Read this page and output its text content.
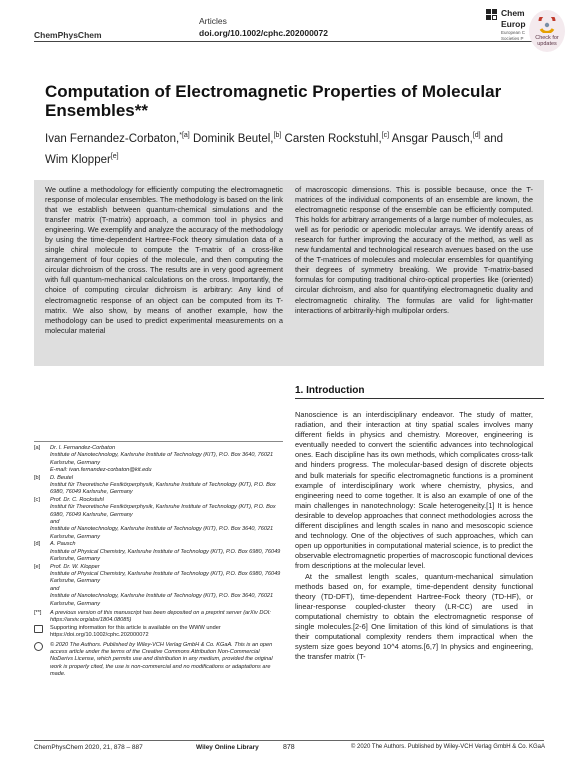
ChemPhysChem
Articles
doi.org/10.1002/cphc.202000072
Chem
Europ
European C
Societies P	Check for updates
Computation of Electromagnetic Properties of Molecular Ensembles**
Ivan Fernandez-Corbaton,$^{*[a]}$ Dominik Beutel,[b] Carsten Rockstuhl,[c] Ansgar Pausch,[d] and Wim Klopper[e]
We outline a methodology for efficiently computing the electromagnetic response of molecular ensembles. The methodology is based on the link that we establish between quantum-chemical simulations and the transfer matrix (T-matrix) approach, a common tool in physics and engineering. We exemplify and analyze the accuracy of the methodology by using the time-dependent Hartree-Fock theory simulation data of a single chiral molecule to compute the T-matrix of a cross-like arrangement of four copies of the molecule, and then computing the circular dichroism of the cross. The results are in very good agreement with full quantum-mechanical calculations on the cross. Importantly, the choice of computing circular dichroism is arbitrary: Any kind of electromagnetic response of an object can be computed from its T-matrix. We also show, by means of another example, how the methodology can be used to predict experimental measurements on a molecular material
of macroscopic dimensions. This is possible because, once the T-matrices of the individual components of an ensemble are known, the electromagnetic response of the ensemble can be efficiently computed. This holds for arbitrary arrangements of a large number of molecules, as well as for periodic or aperiodic molecular arrays. We identify areas of research for further improving the accuracy of the method, as well as new fundamental and technological research avenues based on the use of the T-matrices of molecules and molecular ensembles for quantifying their degrees of symmetry breaking. We provide T-matrix-based formulas for computing traditional chiro-optical properties like (oriented) circular dichroism, and also for quantifying electromagnetic duality and electromagnetic chirality. The formulas are valid for light-matter interactions of arbitrarily-high multipolar orders.
1. Introduction

Nanoscience is an interdisciplinary endeavor. The study of matter, radiation, and their interaction at tiny spatial scales involves many different fields in physics and chemistry. Moreover, engineering is eventually needed to convert the scientific advances into technological ones. Each discipline has its own methods, which complicates cross-talk and hinders progress. The molecular-based design of discrete objects and bulk materials for specific electromagnetic functions is a prominent example of interdisciplinary work where chemistry, physics, and engineering need to come together. It is also an example of one of the main challenges in nanotechnology: Scale heterogeneity.[1] It is hence desirable to develop approaches that connect methodologies across the different disciplines and length scales in nano and mesoscopic science and technology. One of the objectives of such approaches, which can open up opportunities in computational material science, is to predict the observable electromagnetic properties of macroscopic functional devices from descriptions at the molecular level.

At the smallest length scales, quantum-mechanical simulation methods based on, for example, time-dependent density functional theory (TD-DFT), time-dependent Hartree-Fock theory (TD-HF), or linear-response coupled-cluster theory (LR-CC) are used in computational chemistry to obtain the electromagnetic response of single molecules.[2-6] One limitation of this kind of simulations is that their computational complexity renders them impractical when the system size goes beyond 10^4 atoms.[6,7] In physics and engineering, the transfer matrix (T-

[a]	Dr. I. Fernandez-Corbaton
Institute of Nanotechnology, Karlsruhe Institute of Technology (KIT), P.O. Box 3640, 76021 Karlsruhe, Germany
E-mail: ivan.fernandez-corbaton@kit.edu
[b]	D. Beutel
Institut für Theoretische Festkörperphysik, Karlsruhe Institute of Technology (KIT), P.O. Box 6980, 76049 Karlsruhe, Germany
[c]	Prof. Dr. C. Rockstuhl
Institut für Theoretische Festkörperphysik, Karlsruhe Institute of Technology (KIT), P.O. Box 6980, 76049 Karlsruhe, Germany
and
Institute of Nanotechnology, Karlsruhe Institute of Technology (KIT), P.O. Box 3640, 76021 Karlsruhe, Germany
[d]	A. Pausch
Institute of Physical Chemistry, Karlsruhe Institute of Technology (KIT), P.O. Box 6980, 76049 Karlsruhe, Germany
[e]	Prof. Dr. W. Klopper
Institute of Physical Chemistry, Karlsruhe Institute of Technology (KIT), P.O. Box 6980, 76049 Karlsruhe, Germany
and
Institute of Nanotechnology, Karlsruhe Institute of Technology (KIT), P.O. Box 3640, 76021 Karlsruhe, Germany
[**]	A previous version of this manuscript has been deposited on a preprint server (arXiv DOI: https://arxiv.org/abs/1804.08085)
Supporting information for this article is available on the WWW under https://doi.org/10.1002/cphc.202000072
© 2020 The Authors. Published by Wiley-VCH Verlag GmbH & Co. KGaA. This is an open access article under the terms of the Creative Commons Attribution Non-Commercial NoDerivs License, which permits use and distribution in any medium, provided the original work is properly cited, the use is non-commercial and no modifications or adaptations are made.
ChemPhysChem 2020, 21, 878 – 887	Wiley Online Library	878	© 2020 The Authors. Published by Wiley-VCH Verlag GmbH & Co. KGaA
